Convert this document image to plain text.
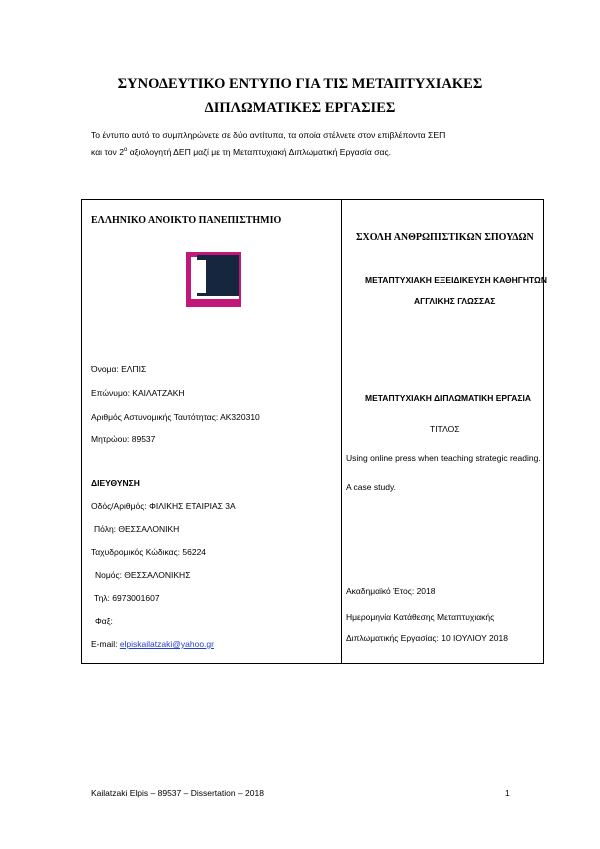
ΣΥΝΟΔΕΥΤΙΚΟ ΕΝΤΥΠΟ ΓΙΑ ΤΙΣ ΜΕΤΑΠΤΥΧΙΑΚΕΣ
ΔΙΠΛΩΜΑΤΙΚΕΣ ΕΡΓΑΣΙΕΣ
Το έντυπο αυτό το συμπληρώνετε σε δύο αντίτυπα, τα οποία στέλνετε στον επιβλέποντα ΣΕΠ
και τον $2^o$ αξιολογητή ΔΕΠ μαζί με τη Μεταπτυχιακή Διπλωματική Εργασία σας.
ΕΛΛΗΝΙΚΟ ΑΝΟΙΚΤΟ ΠΑΝΕΠΙΣΤΗΜΙΟ
Όνομα: ΕΛΠΙΣ
Επώνυμο: ΚΑΙΛΑΤΖΑΚΗ
Αριθμός Αστυνομικής Ταυτότητας: ΑΚ320310
Μητρώου: 89537
ΔΙΕΥΘΥΝΣΗ
Οδός/Αριθμός: ΦΙΛΙΚΗΣ ΕΤΑΙΡΙΑΣ 3Α
Πόλη: ΘΕΣΣΑΛΟΝΙΚΗ
Ταχυδρομικός Κώδικας: 56224
Νομός: ΘΕΣΣΑΛΟΝΙΚΗΣ
Τηλ: 6973001607
Φαξ:
E-mail: elpiskailatzaki@yahoo.gr
ΣΧΟΛΗ ΑΝΘΡΩΠΙΣΤΙΚΩΝ ΣΠΟΥΔΩΝ
ΜΕΤΑΠΤΥΧΙΑΚΗ ΕΞΕΙΔΙΚΕΥΣΗ ΚΑΘΗΓΗΤΩΝ
ΑΓΓΛΙΚΗΣ ΓΛΩΣΣΑΣ
ΜΕΤΑΠΤΥΧΙΑΚΗ ΔΙΠΛΩΜΑΤΙΚΗ ΕΡΓΑΣΙΑ
ΤΙΤΛΟΣ
Using online press when teaching strategic reading.
A case study.
Ακαδημαϊκό Έτος: 2018
Ημερομηνία Κατάθεσης Μεταπτυχιακής
Διπλωματικής Εργασίας: 10 ΙΟΥΛΙΟΥ 2018
Kailatzaki Elpis – 89537 – Dissertation – 2018	1
